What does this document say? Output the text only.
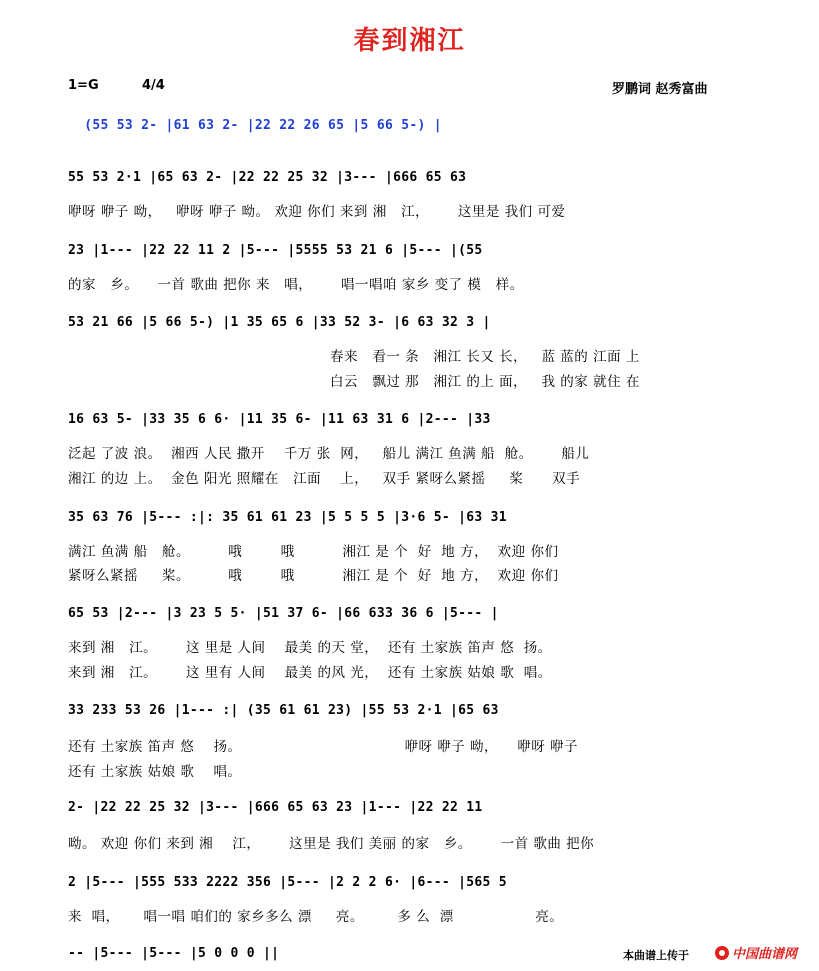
春到湘江
1=G	4/4	罗鹏词 赵秀富曲
(55 53 2- |61 63 2- |22 22 26 65 |5 66 5-) |
55 53 2·1 |65 63 2- |22 22 25 32 |3--- |666 65 63
23 |1--- |22 22 11 2 |5--- |5555 53 21 6 |5--- |(55
53 21 66 |5 66 5-) |1 35 65 6 |33 52 3- |6 63 32 3 |
16 63 5- |33 35 6 6· |11 35 6- |11 63 31 6 |2--- |33
35 63 76 |5--- :|: 35 61 61 23 |5 5 5 5 |3·6 5- |63 31
65 53 |2--- |3 23 5 5· |51 37 6- |66 633 36 6 |5--- |
33 233 53 26 |1--- :| (35 61 61 23) |55 53 2·1 |65 63
2- |22 22 25 32 |3--- |666 65 63 23 |1--- |22 22 11
2 |5--- |555 533 2222 356 |5--- |2 2 2 6· |6--- |565 5
-- |5--- |5--- |5 0 0 0 ||
咿呀 咿子 呦，   咿呀 咿子 呦。 欢迎 你们 来到 湘   江，      这里是 我们 可爱
的家   乡。    一首 歌曲 把你 来   唱，      唱一唱咱 家乡 变了 模   样。
春来   看一 条   湘江 长又 长，   蓝 蓝的 江面 上
白云   飘过 那   湘江 的上 面，   我 的家 就住 在
泛起 了波 浪。  湘西 人民 撒开    千万 张  网，   船儿 满江 鱼满 船  舱。      船儿
湘江 的边 上。  金色 阳光 照耀在   江面    上，   双手 紧呀么紧摇     桨      双手
满江 鱼满 船   舱。        哦        哦          湘江 是 个  好  地 方，  欢迎 你们
紧呀么紧摇     桨。        哦        哦          湘江 是 个  好  地 方，  欢迎 你们
来到 湘   江。      这 里是 人间    最美 的天 堂，  还有 土家族 笛声 悠  扬。
来到 湘   江。      这 里有 人间    最美 的风 光，  还有 土家族 姑娘 歌  唱。
还有 土家族 笛声 悠    扬。                                  咿呀 咿子 呦，    咿呀 咿子
还有 土家族 姑娘 歌    唱。
呦。 欢迎 你们 来到 湘    江，      这里是 我们 美丽 的家   乡。      一首 歌曲 把你
来  唱，     唱一唱 咱们的 家乡多么 漂     亮。       多 么  漂                 亮。
本曲谱上传于	中国曲谱网
